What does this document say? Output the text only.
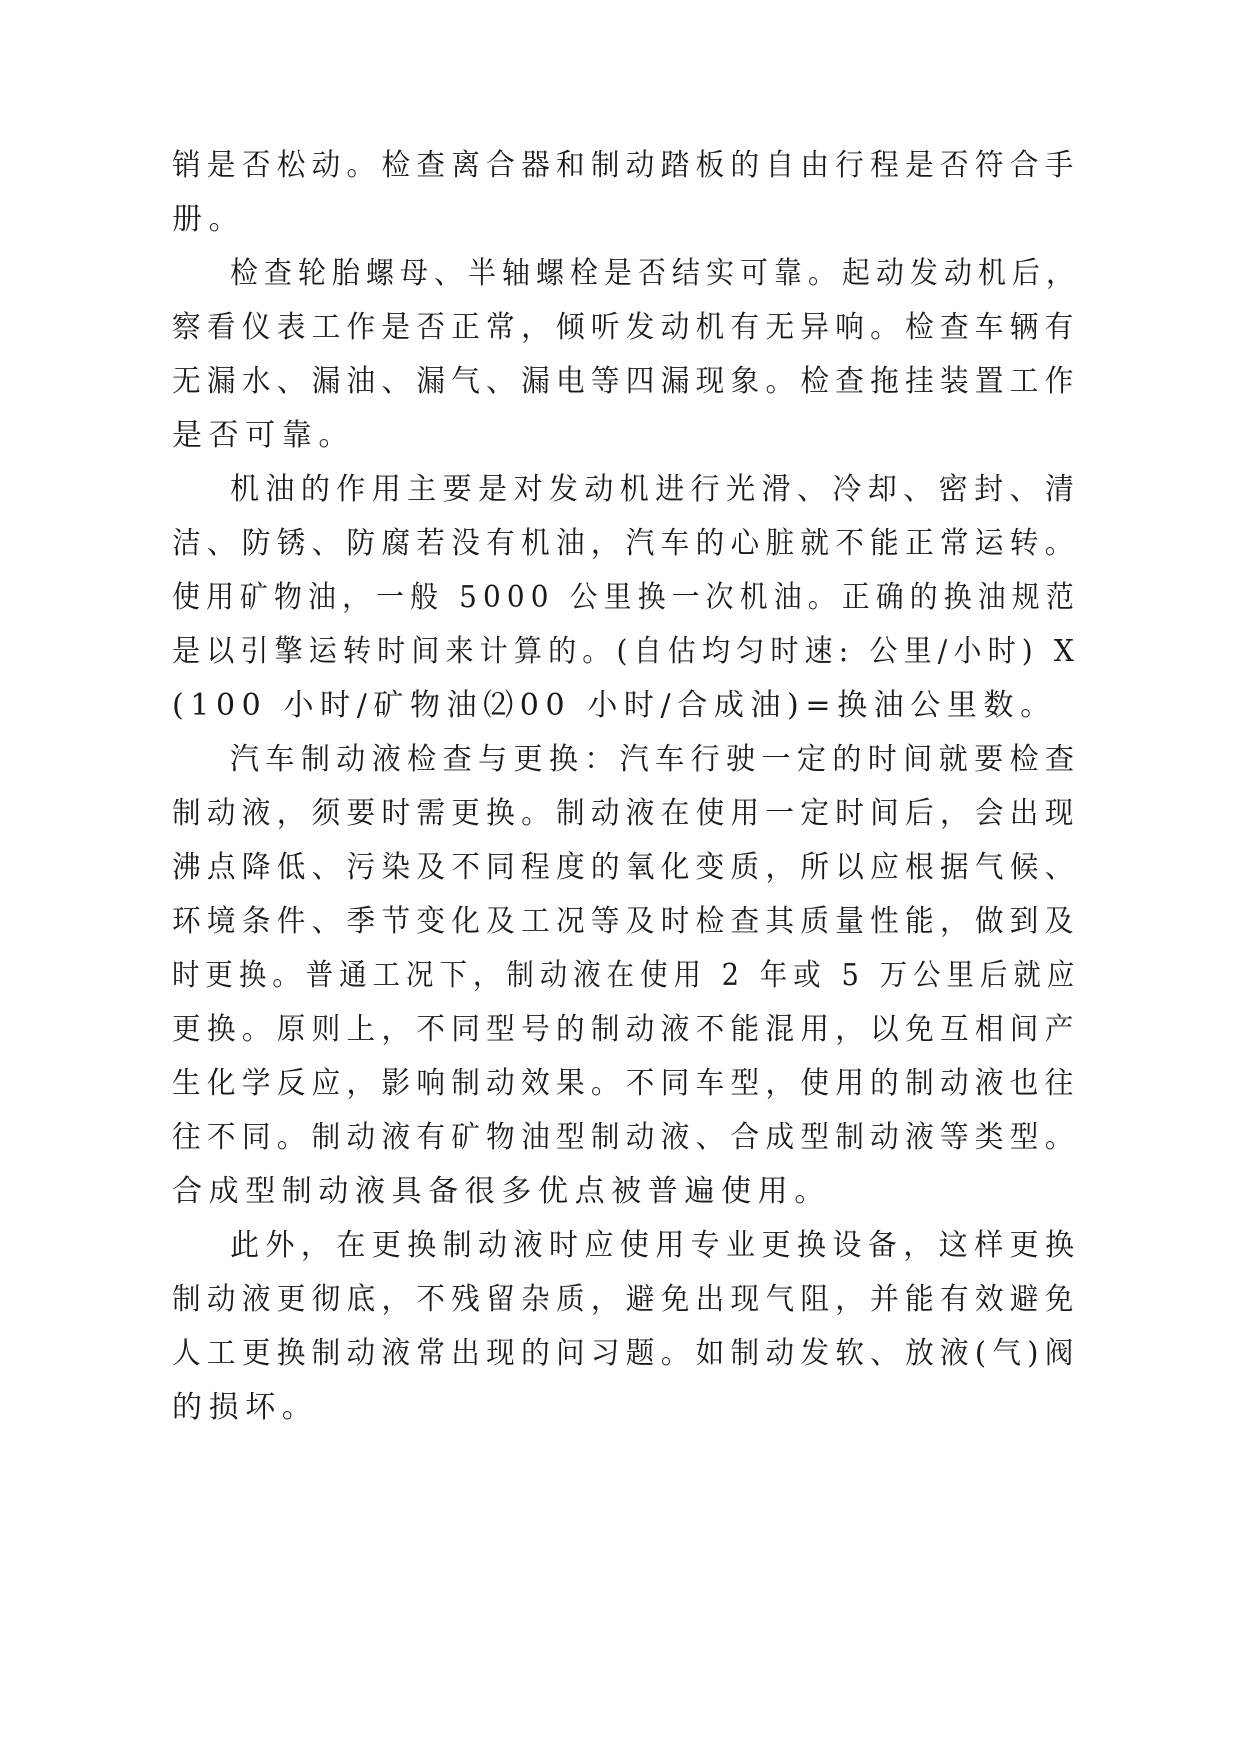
销是否松动。检查离合器和制动踏板的自由行程是否符合手
册。
检查轮胎螺母、半轴螺栓是否结实可靠。起动发动机后，
察看仪表工作是否正常，倾听发动机有无异响。检查车辆有
无漏水、漏油、漏气、漏电等四漏现象。检查拖挂装置工作
是否可靠。
机油的作用主要是对发动机进行光滑、冷却、密封、清
洁、防锈、防腐若没有机油，汽车的心脏就不能正常运转。
使用矿物油，一般 5000 公里换一次机油。正确的换油规范
是以引擎运转时间来计算的。(自估均匀时速: 公里/小时) X
(100 小时/矿物油⑵00 小时/合成油)=换油公里数。
汽车制动液检查与更换：汽车行驶一定的时间就要检查
制动液，须要时需更换。制动液在使用一定时间后，会出现
沸点降低、污染及不同程度的氧化变质，所以应根据气候、
环境条件、季节变化及工况等及时检查其质量性能，做到及
时更换。普通工况下，制动液在使用 2 年或 5 万公里后就应
更换。原则上，不同型号的制动液不能混用，以免互相间产
生化学反应，影响制动效果。不同车型，使用的制动液也往
往不同。制动液有矿物油型制动液、合成型制动液等类型。
合成型制动液具备很多优点被普遍使用。
此外，在更换制动液时应使用专业更换设备，这样更换
制动液更彻底，不残留杂质，避免出现气阻，并能有效避免
人工更换制动液常出现的问习题。如制动发软、放液(气)阀
的损坏。
